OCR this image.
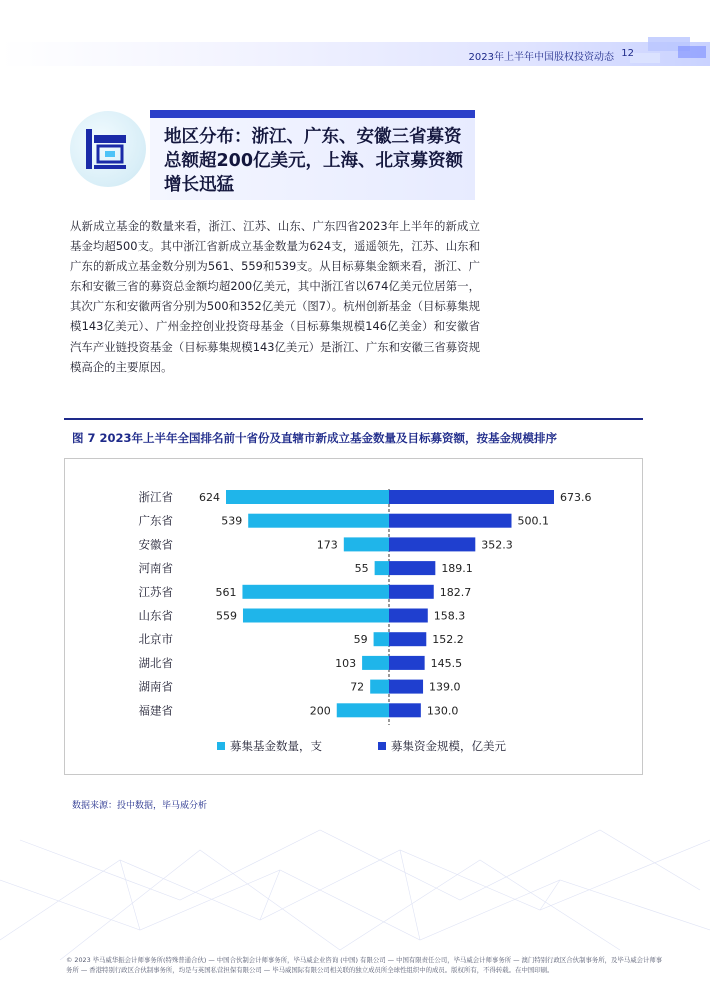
2023年上半年中国股权投资动态 12
地区分布：浙江、广东、安徽三省募资总额超200亿美元，上海、北京募资额增长迅猛
从新成立基金的数量来看，浙江、江苏、山东、广东四省2023年上半年的新成立基金均超500支。其中浙江省新成立基金数量为624支，遥遥领先，江苏、山东和广东的新成立基金数分别为561、559和539支。从目标募集金额来看，浙江、广东和安徽三省的募资总金额均超200亿美元，其中浙江省以674亿美元位居第一，其次广东和安徽两省分别为500和352亿美元（图7）。杭州创新基金（目标募集规模143亿美元）、广州金控创业投资母基金（目标募集规模146亿美金）和安徽省汽车产业链投资基金（目标募集规模143亿美元）是浙江、广东和安徽三省募资规模高企的主要原因。
图 7 2023年上半年全国排名前十省份及直辖市新成立基金数量及目标募资额，按基金规模排序
浙江省 624	673.6
广东省	539	500.1
安徽省	173	352.3
河南省	55	189.1
江苏省	561	182.7
山东省	559	158.3
北京市	59	152.2
湖北省	103	145.5
湖南省	72	139.0
福建省	200	130.0
募集基金数量，支	募集资金规模，亿美元
数据来源：投中数据，毕马威分析
© 2023 毕马威华振会计师事务所(特殊普通合伙) — 中国合伙制会计师事务所，毕马威企业咨询 (中国) 有限公司 — 中国有限责任公司，毕马威会计师事务所 — 澳门特别行政区合伙制事务所，及毕马威会计师事务所 — 香港特别行政区合伙制事务所，均是与英国私营担保有限公司 — 毕马威国际有限公司相关联的独立成员所全球性组织中的成员。版权所有，不得转载。在中国印刷。
